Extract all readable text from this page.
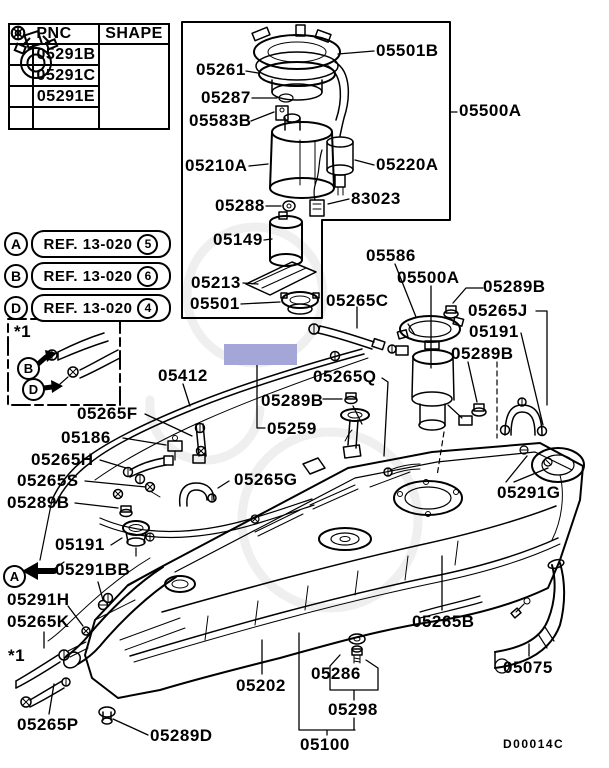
PNC	SHAPE
05291B
05291C
05291E
A	REF. 13-020	5
B	REF. 13-020	6
D	REF. 13-020	4
05501B
05261
05287
05583B
05210A	05220A
83023
05288
05149
05213
05501
05500A
05586
05500A
05265C
05289B
05265J
05191
05289B
05412	05265Q
05289B
05259
05265F
05186
05265H
05265S
05289B
05265G
05191
05291BB
05291H
05265K
*1
05265P
05289D
05202
05286
05298
05100
05265B
05075
05291G
D00014C
A
*1
B
D
